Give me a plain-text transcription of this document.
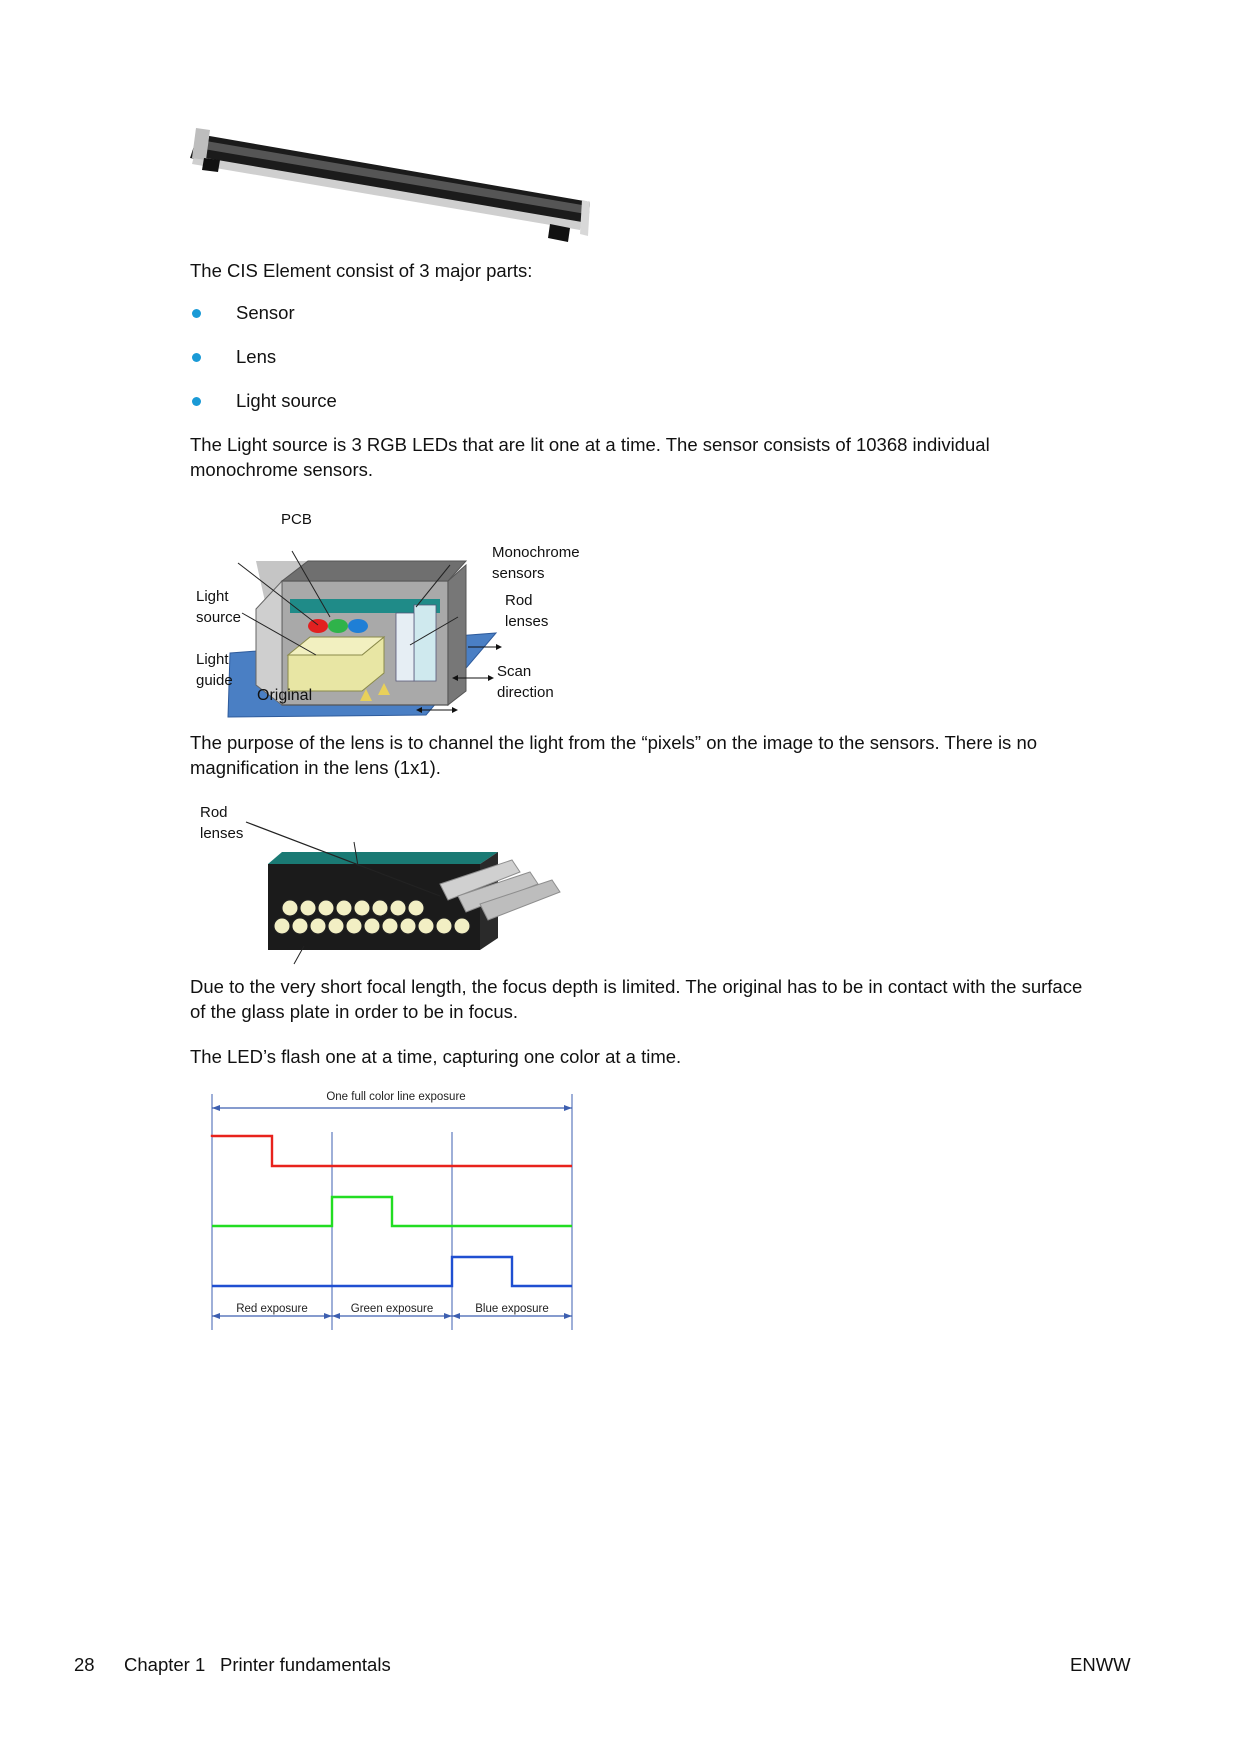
The CIS Element consist of 3 major parts:
Sensor
Lens
Light source
The Light source is 3 RGB LEDs that are lit one at a time. The sensor consists of 10368 individual monochrome sensors.
PCB
Monochrome
sensors
Light
source
Rod
lenses
Light
guide
Scan
direction
Original
The purpose of the lens is to channel the light from the “pixels” on the image to the sensors. There is no magnification in the lens (1x1).
Rod
lenses
Due to the very short focal length, the focus depth is limited. The original has to be in contact with the surface of the glass plate in order to be in focus.
The LED’s flash one at a time, capturing one color at a time.
One full color line exposure
Red exposure	Green exposure	Blue exposure
28 Chapter 1 Printer fundamentals	ENWW
